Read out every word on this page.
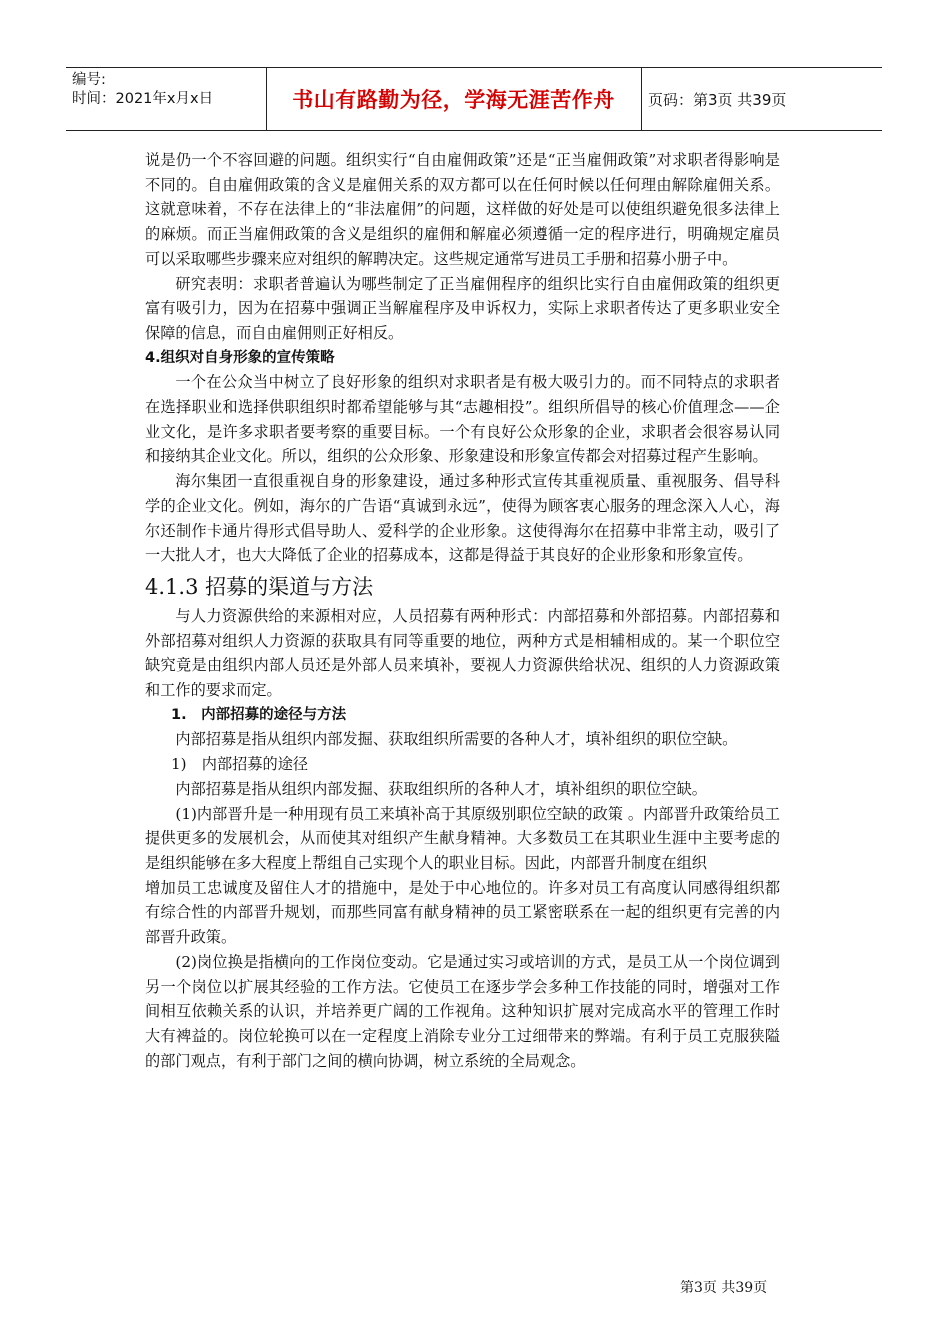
编号:
时间：2021年x月x日	书山有路勤为径，学海无涯苦作舟	页码：第3页 共39页

说是仍一个不容回避的问题。组织实行“自由雇佣政策”还是“正当雇佣政策”对求职者得影响是不同的。自由雇佣政策的含义是雇佣关系的双方都可以在任何时候以任何理由解除雇佣关系。这就意味着，不存在法律上的“非法雇佣”的问题，这样做的好处是可以使组织避免很多法律上的麻烦。而正当雇佣政策的含义是组织的雇佣和解雇必须遵循一定的程序进行，明确规定雇员可以采取哪些步骤来应对组织的解聘决定。这些规定通常写进员工手册和招募小册子中。

研究表明：求职者普遍认为哪些制定了正当雇佣程序的组织比实行自由雇佣政策的组织更富有吸引力，因为在招募中强调正当解雇程序及申诉权力，实际上求职者传达了更多职业安全保障的信息，而自由雇佣则正好相反。

4.组织对自身形象的宣传策略

一个在公众当中树立了良好形象的组织对求职者是有极大吸引力的。而不同特点的求职者在选择职业和选择供职组织时都希望能够与其“志趣相投”。组织所倡导的核心价值理念——企业文化，是许多求职者要考察的重要目标。一个有良好公众形象的企业，求职者会很容易认同和接纳其企业文化。所以，组织的公众形象、形象建设和形象宣传都会对招募过程产生影响。

海尔集团一直很重视自身的形象建设，通过多种形式宣传其重视质量、重视服务、倡导科学的企业文化。例如，海尔的广告语“真诚到永远”，使得为顾客衷心服务的理念深入人心，海尔还制作卡通片得形式倡导助人、爱科学的企业形象。这使得海尔在招募中非常主动，吸引了一大批人才，也大大降低了企业的招募成本，这都是得益于其良好的企业形象和形象宣传。

4.1.3 招募的渠道与方法

与人力资源供给的来源相对应，人员招募有两种形式：内部招募和外部招募。内部招募和外部招募对组织人力资源的获取具有同等重要的地位，两种方式是相辅相成的。某一个职位空缺究竟是由组织内部人员还是外部人员来填补，要视人力资源供给状况、组织的人力资源政策和工作的要求而定。

1.　内部招募的途径与方法

内部招募是指从组织内部发掘、获取组织所需要的各种人才，填补组织的职位空缺。

1)　内部招募的途径

内部招募是指从组织内部发掘、获取组织所的各种人才，填补组织的职位空缺。

(1)内部晋升是一种用现有员工来填补高于其原级别职位空缺的政策 。内部晋升政策给员工提供更多的发展机会，从而使其对组织产生献身精神。大多数员工在其职业生涯中主要考虑的是组织能够在多大程度上帮组自己实现个人的职业目标。因此，内部晋升制度在组织

增加员工忠诚度及留住人才的措施中，是处于中心地位的。许多对员工有高度认同感得组织都有综合性的内部晋升规划，而那些同富有献身精神的员工紧密联系在一起的组织更有完善的内部晋升政策。

(2)岗位换是指横向的工作岗位变动。它是通过实习或培训的方式，是员工从一个岗位调到另一个岗位以扩展其经验的工作方法。它使员工在逐步学会多种工作技能的同时，增强对工作间相互依赖关系的认识，并培养更广阔的工作视角。这种知识扩展对完成高水平的管理工作时大有裨益的。岗位轮换可以在一定程度上消除专业分工过细带来的弊端。有利于员工克服狭隘的部门观点，有利于部门之间的横向协调，树立系统的全局观念。

第3页 共39页
